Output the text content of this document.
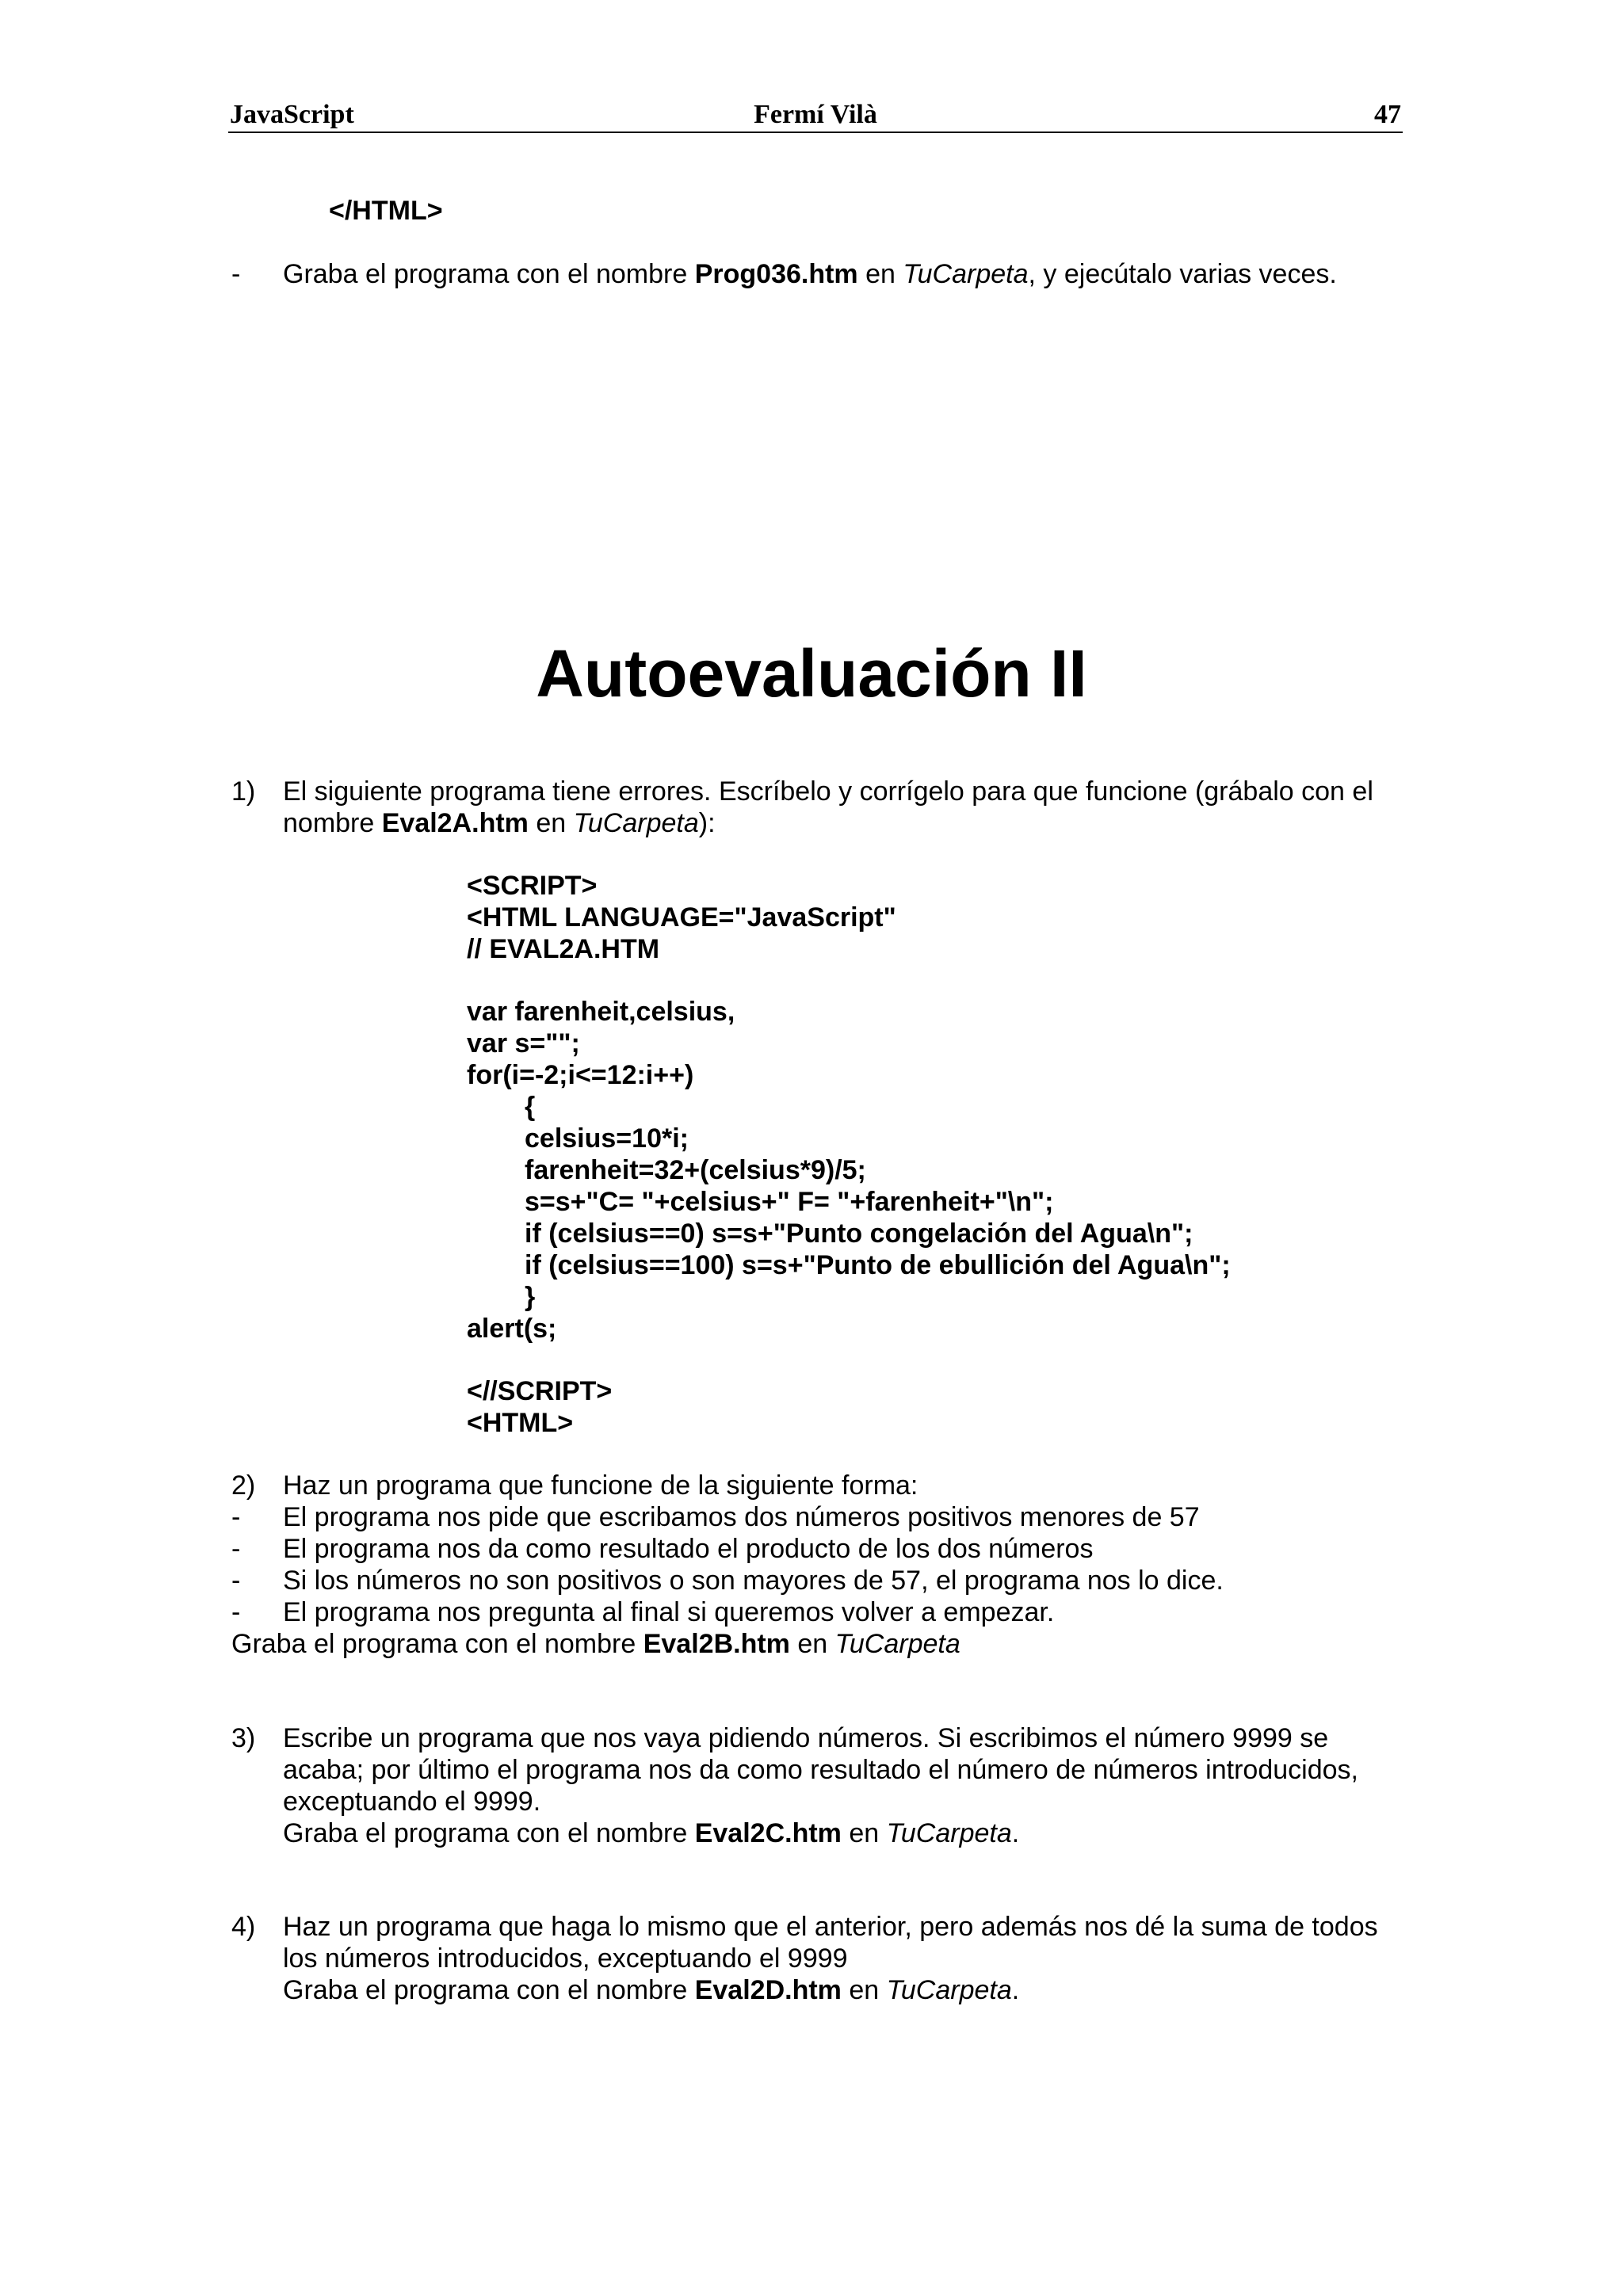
JavaScript	Fermí Vilà	47
</HTML>
- Graba el programa con el nombre Prog036.htm en TuCarpeta, y ejecútalo varias veces.
Autoevaluación II
1) El siguiente programa tiene errores. Escríbelo y corrígelo para que funcione (grábalo con el
nombre Eval2A.htm en TuCarpeta):
<SCRIPT>
<HTML LANGUAGE="JavaScript"
// EVAL2A.HTM
var farenheit,celsius,
var s="";
for(i=-2;i<=12:i++)
{
celsius=10*i;
farenheit=32+(celsius*9)/5;
s=s+"C= "+celsius+" F= "+farenheit+"\n";
if (celsius==0) s=s+"Punto congelación del Agua\n";
if (celsius==100) s=s+"Punto de ebullición del Agua\n";
}
alert(s;
<//SCRIPT>
<HTML>
2) Haz un programa que funcione de la siguiente forma:
- El programa nos pide que escribamos dos números positivos menores de 57
- El programa nos da como resultado el producto de los dos números
- Si los números no son positivos o son mayores de 57, el programa nos lo dice.
- El programa nos pregunta al final si queremos volver a empezar.
Graba el programa con el nombre Eval2B.htm en TuCarpeta
3) Escribe un programa que nos vaya pidiendo números. Si escribimos el número 9999 se
acaba; por último el programa nos da como resultado el número de números introducidos,
exceptuando el 9999.
Graba el programa con el nombre Eval2C.htm en TuCarpeta.
4) Haz un programa que haga lo mismo que el anterior, pero además nos dé la suma de todos
los números introducidos, exceptuando el 9999
Graba el programa con el nombre Eval2D.htm en TuCarpeta.
